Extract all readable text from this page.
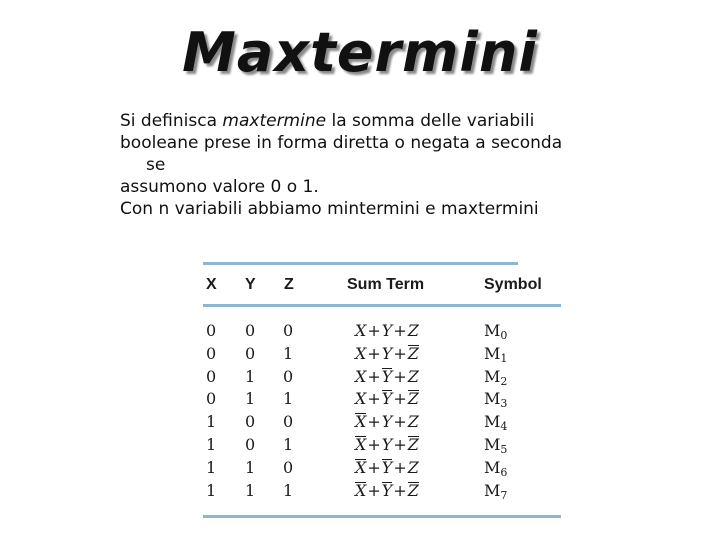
Maxtermini
Si definisca maxtermine la somma delle variabili
booleane prese in forma diretta o negata a seconda
se
assumono valore 0 o 1.
Con n variabili abbiamo mintermini e maxtermini
X Y Z	Sum Term	Symbol
0 0 0	X+Y+Z	$M_0$
0 0 1	X+Y+Z	$M_1$
0 1 0	X+Y+Z	$M_2$
0 1 1	X+Y+Z	$M_3$
1 0 0	X+Y+Z	$M_4$
1 0 1	X+Y+Z	$M_5$
1 1 0	X+Y+Z	$M_6$
1 1 1	X+Y+Z	$M_7$
